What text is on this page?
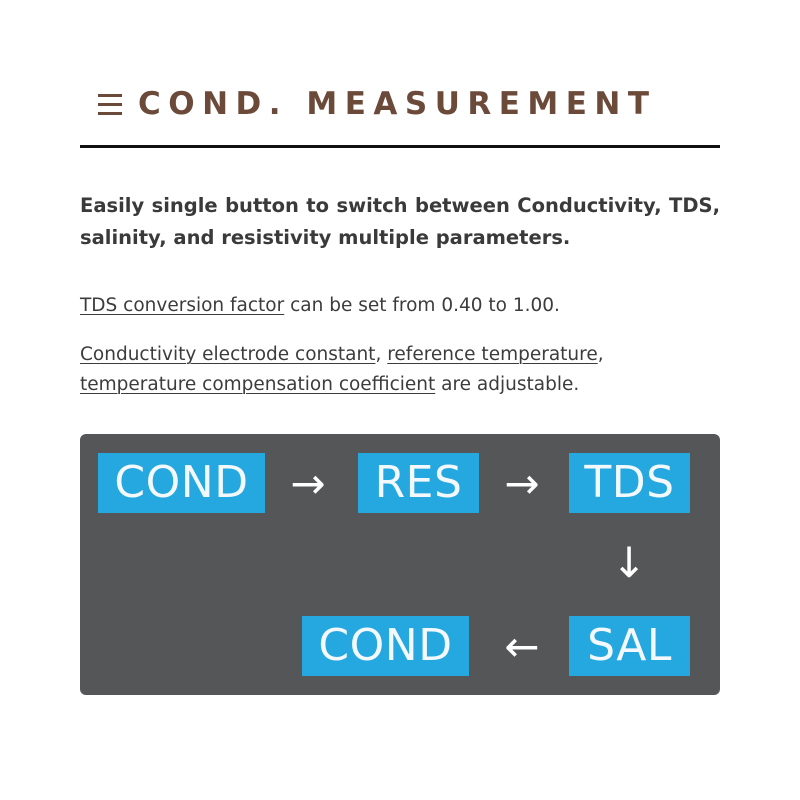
COND. MEASUREMENT
Easily single button to switch between Conductivity, TDS, salinity, and resistivity multiple parameters.
TDS conversion factor can be set from 0.40 to 1.00.
Conductivity electrode constant, reference temperature,
temperature compensation coefficient are adjustable.
COND →	RES →	TDS
↓
SAL
←
COND
